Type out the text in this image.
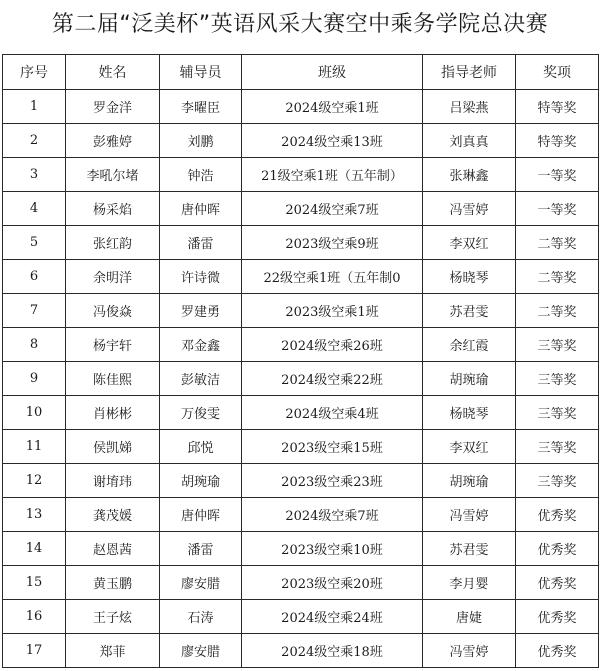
第二届“泛美杯”英语风采大赛空中乘务学院总决赛
序号	姓名	辅导员	班级	指导老师	奖项
1	罗金洋	李曜臣	2024级空乘1班	吕梁燕	特等奖
2	彭雅婷	刘鹏	2024级空乘13班	刘真真	特等奖
3	李吼尔堵	钟浩	21级空乘1班（五年制）	张琳鑫	一等奖
4	杨采焰	唐仲晖	2024级空乘7班	冯雪婷	一等奖
5	张红韵	潘雷	2023级空乘9班	李双红	二等奖
6	余明洋	许诗微	22级空乘1班（五年制0	杨晓琴	二等奖
7	冯俊焱	罗建勇	2023级空乘1班	苏君雯	二等奖
8	杨宇轩	邓金鑫	2024级空乘26班	余红霞	三等奖
9	陈佳熙	彭敏洁	2024级空乘22班	胡琬瑜	三等奖
10	肖彬彬	万俊雯	2024级空乘4班	杨晓琴	三等奖
11	侯凯娣	邱悦	2023级空乘15班	李双红	三等奖
12	谢堉玮	胡琬瑜	2023级空乘23班	胡琬瑜	三等奖
13	龚茂媛	唐仲晖	2024级空乘7班	冯雪婷	优秀奖
14	赵恩茜	潘雷	2023级空乘10班	苏君雯	优秀奖
15	黄玉鹏	廖安腊	2023级空乘20班	李月婴	优秀奖
16	王子炫	石涛	2024级空乘24班	唐婕	优秀奖
17	郑菲	廖安腊	2024级空乘18班	冯雪婷	优秀奖
